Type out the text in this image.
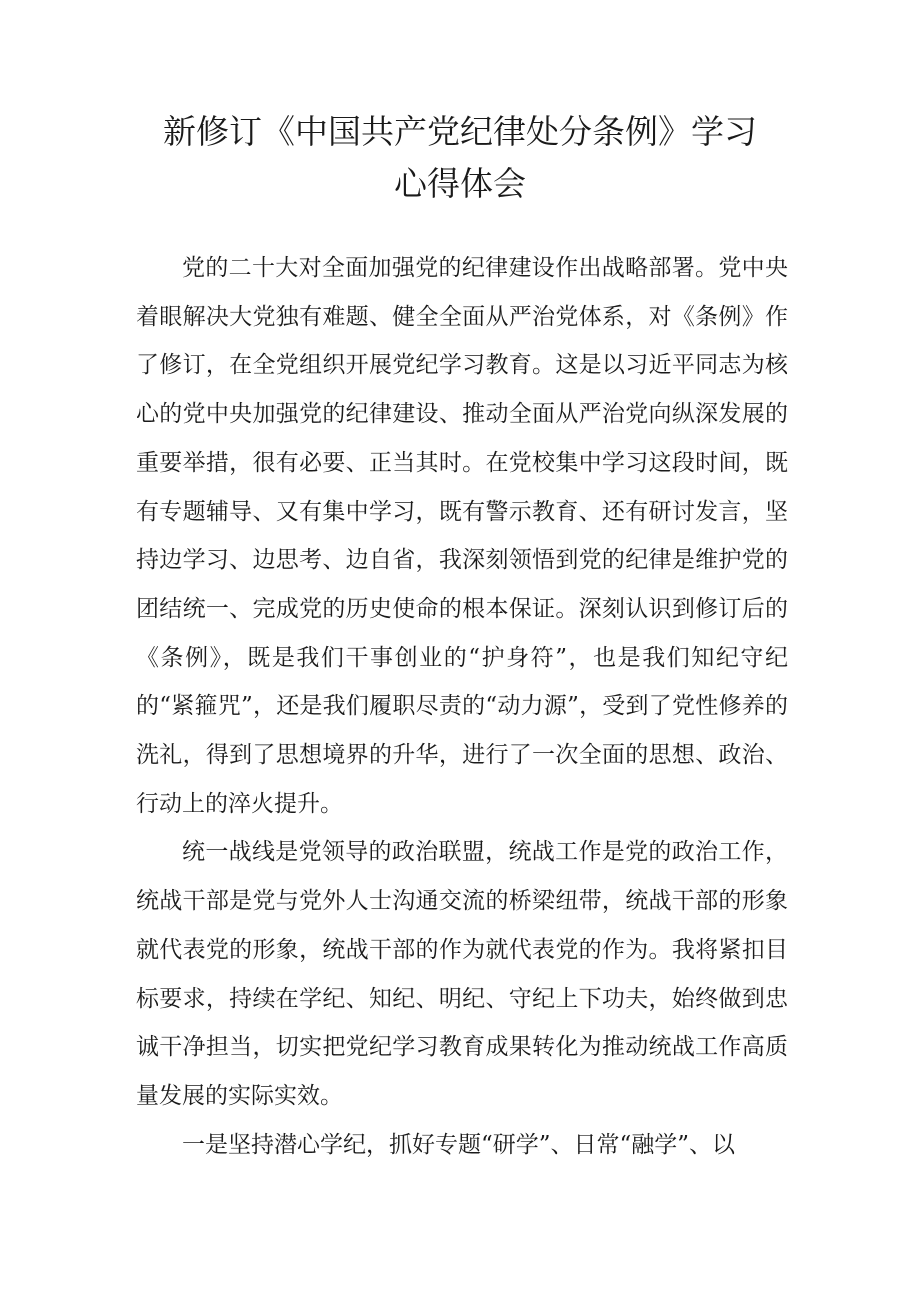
新修订《中国共产党纪律处分条例》学习
心得体会

党的二十大对全面加强党的纪律建设作出战略部署。党中央着眼解决大党独有难题、健全全面从严治党体系，对《条例》作了修订，在全党组织开展党纪学习教育。这是以习近平同志为核心的党中央加强党的纪律建设、推动全面从严治党向纵深发展的重要举措，很有必要、正当其时。在党校集中学习这段时间，既有专题辅导、又有集中学习，既有警示教育、还有研讨发言，坚持边学习、边思考、边自省，我深刻领悟到党的纪律是维护党的团结统一、完成党的历史使命的根本保证。深刻认识到修订后的《条例》，既是我们干事创业的“护身符”，也是我们知纪守纪的“紧箍咒”，还是我们履职尽责的“动力源”，受到了党性修养的洗礼，得到了思想境界的升华，进行了一次全面的思想、政治、行动上的淬火提升。

统一战线是党领导的政治联盟，统战工作是党的政治工作，统战干部是党与党外人士沟通交流的桥梁纽带，统战干部的形象就代表党的形象，统战干部的作为就代表党的作为。我将紧扣目标要求，持续在学纪、知纪、明纪、守纪上下功夫，始终做到忠诚干净担当，切实把党纪学习教育成果转化为推动统战工作高质量发展的实际实效。

一是坚持潜心学纪，抓好专题“研学”、日常“融学”、以
